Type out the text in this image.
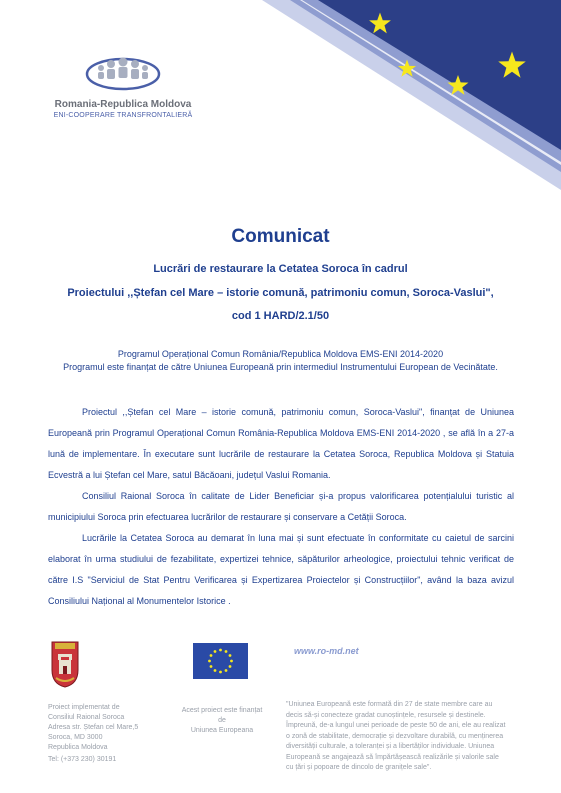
Romania-Republica Moldova
ENI-COOPERARE TRANSFRONTALIERĂ
Comunicat
Lucrări de restaurare la Cetatea Soroca în cadrul
Proiectului ,,Ștefan cel Mare – istorie comună, patrimoniu comun, Soroca-Vaslui",
cod 1 HARD/2.1/50
Programul Operațional Comun România/Republica Moldova EMS-ENI 2014-2020
Programul este finanțat de către Uniunea Europeană prin intermediul Instrumentului European de Vecinătate.

Proiectul ,,Ștefan cel Mare – istorie comună, patrimoniu comun, Soroca-Vaslui", finanțat de Uniunea Europeană prin Programul Operațional Comun România-Republica Moldova EMS-ENI 2014-2020 , se află în a 27-a lună de implementare. În executare sunt lucrările de restaurare la Cetatea Soroca, Republica Moldova și Statuia Ecvestră a lui Ștefan cel Mare, satul Băcăoani, județul Vaslui Romania.

Consiliul Raional Soroca în calitate de Lider Beneficiar și-a propus valorificarea potențialului turistic al municipiului Soroca prin efectuarea lucrărilor de restaurare și conservare a Cetății Soroca.

Lucrările la Cetatea Soroca au demarat în luna mai și sunt efectuate în conformitate cu caietul de sarcini elaborat în urma studiului de fezabilitate, expertizei tehnice, săpăturilor arheologice, proiectului tehnic verificat de către I.S "Serviciul de Stat Pentru Verificarea și Expertizarea Proiectelor și Construcțiilor", având la baza avizul Consiliului Național al Monumentelor Istorice .

www.ro-md.net
Proiect implementat de
Consiliul Raional Soroca
Adresa str. Ștefan cel Mare,5
Soroca, MD 3000
Republica Moldova
Tel: (+373 230) 30191
Acest proiect este finanțat
de
Uniunea Europeana
"Uniunea Europeană este formată din 27 de state membre care au decis să-și conecteze gradat cunoștințele, resursele și destinele. Împreună, de-a lungul unei perioade de peste 50 de ani, ele au realizat o zonă de stabilitate, democrație și dezvoltare durabilă, cu menținerea diversității culturale, a toleranței și a libertăților individuale. Uniunea Europeană se angajează să împărtășească realizările și valorile sale cu țări și popoare de dincolo de granițele sale".
